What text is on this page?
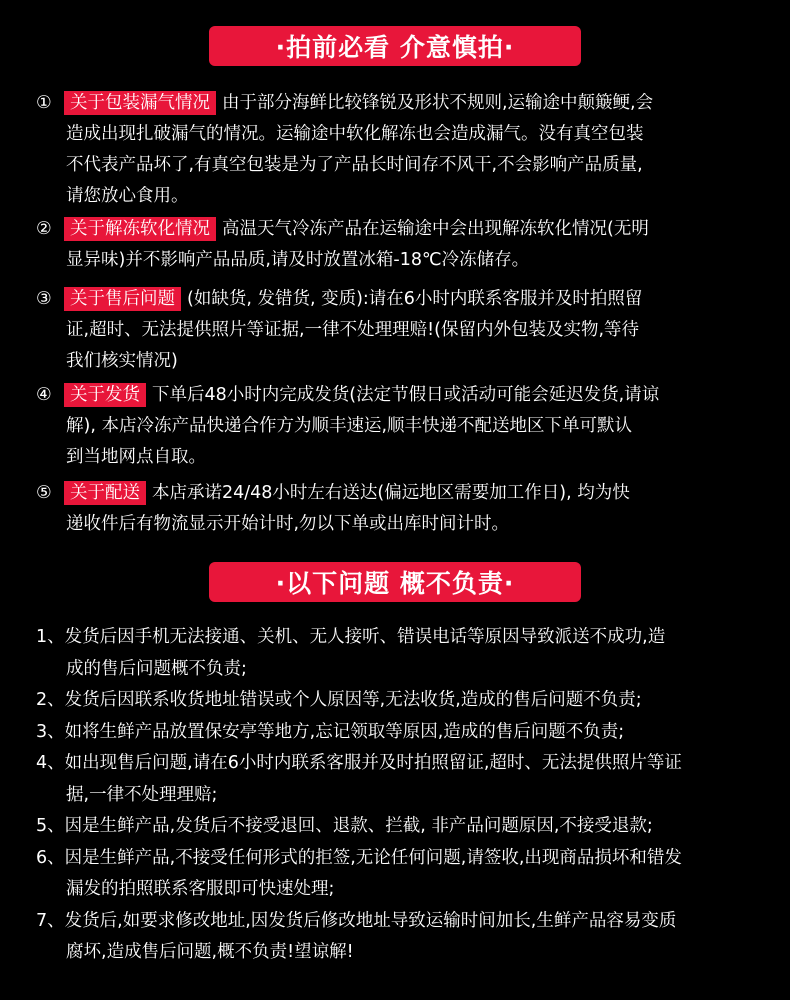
·拍前必看 介意慎拍·
① 关于包装漏气情况 由于部分海鲜比较锋锐及形状不规则,运输途中颠簸鲠,会
造成出现扎破漏气的情况。运输途中软化解冻也会造成漏气。没有真空包装
不代表产品坏了,有真空包装是为了产品长时间存不风干,不会影响产品质量,
请您放心食用。
② 关于解冻软化情况 高温天气冷冻产品在运输途中会出现解冻软化情况(无明
显异味)并不影响产品品质,请及时放置冰箱-18℃冷冻储存。
③ 关于售后问题 (如缺货, 发错货, 变质):请在6小时内联系客服并及时拍照留
证,超时、无法提供照片等证据,一律不处理理赔!(保留内外包装及实物,等待
我们核实情况)
④ 关于发货 下单后48小时内完成发货(法定节假日或活动可能会延迟发货,请谅
解), 本店冷冻产品快递合作方为顺丰速运,顺丰快递不配送地区下单可默认
到当地网点自取。
⑤ 关于配送 本店承诺24/48小时左右送达(偏远地区需要加工作日), 均为快
递收件后有物流显示开始计时,勿以下单或出库时间计时。
·以下问题 概不负责·
1、发货后因手机无法接通、关机、无人接听、错误电话等原因导致派送不成功,造
成的售后问题概不负责;
2、发货后因联系收货地址错误或个人原因等,无法收货,造成的售后问题不负责;
3、如将生鲜产品放置保安亭等地方,忘记领取等原因,造成的售后问题不负责;
4、如出现售后问题,请在6小时内联系客服并及时拍照留证,超时、无法提供照片等证
据,一律不处理理赔;
5、因是生鲜产品,发货后不接受退回、退款、拦截, 非产品问题原因,不接受退款;
6、因是生鲜产品,不接受任何形式的拒签,无论任何问题,请签收,出现商品损坏和错发
漏发的拍照联系客服即可快速处理;
7、发货后,如要求修改地址,因发货后修改地址导致运输时间加长,生鲜产品容易变质
腐坏,造成售后问题,概不负责!望谅解!
